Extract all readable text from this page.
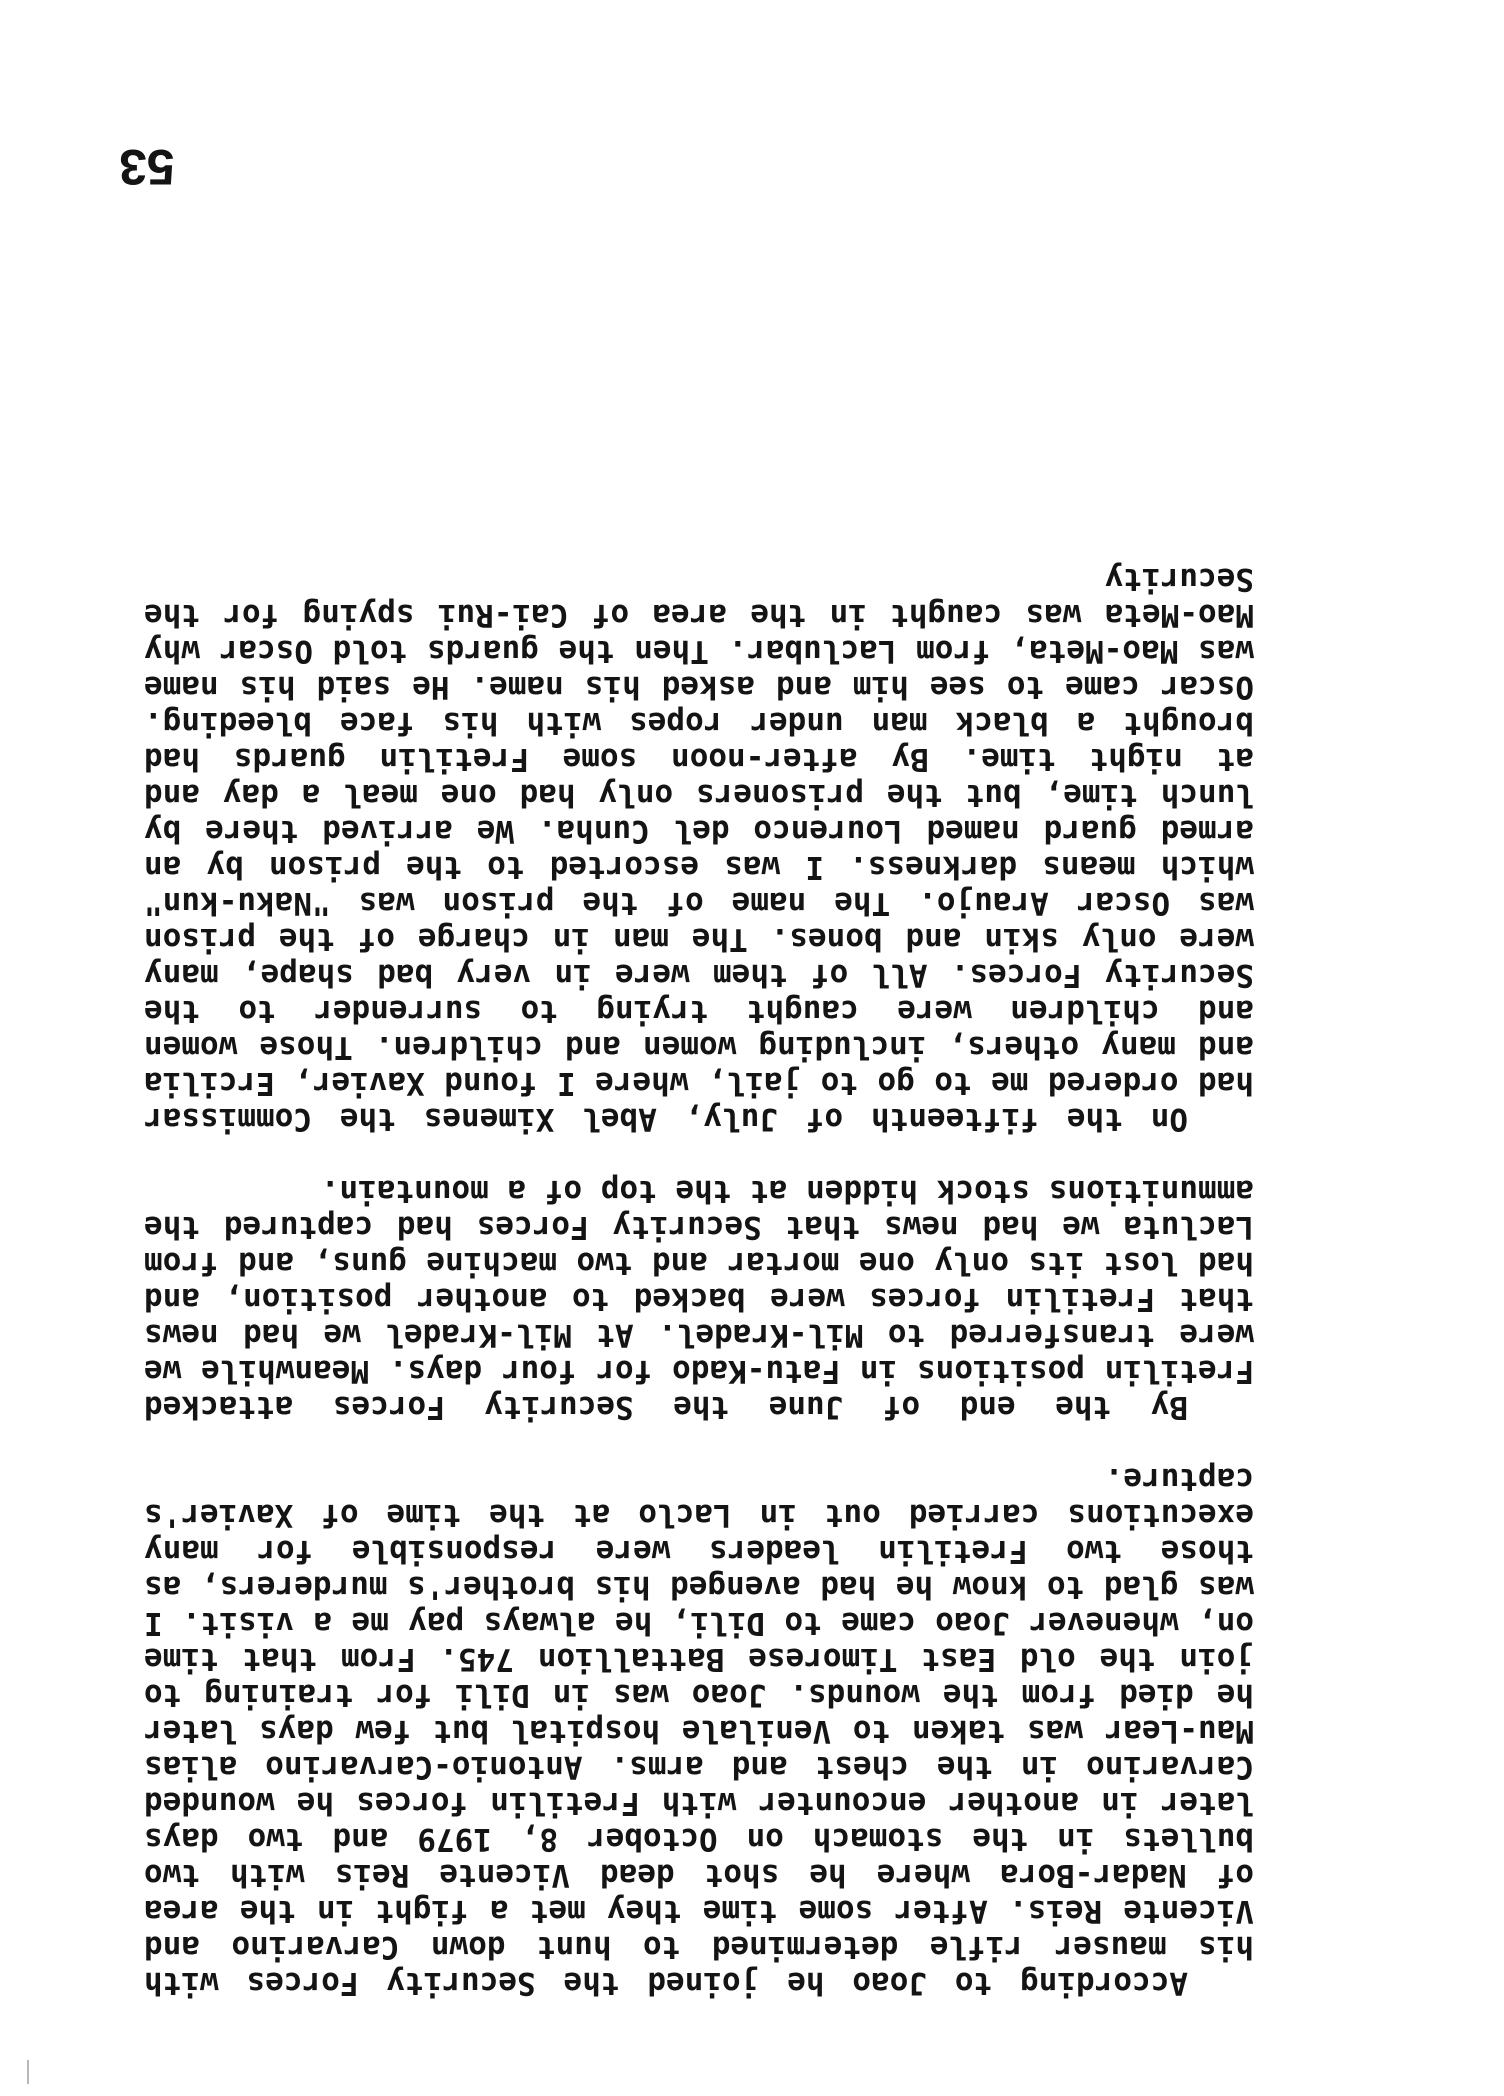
According to Joao he joined the Security Forces with his mauser rifle determined to hunt down Carvarino and Vicente Reis. After some time they met a fight in the area of Nadar-Bora where he shot dead Vicente Reis with two bullets in the stomach on October 8, 1979 and two days later in another encounter with Fretilin forces he wounded Carvarino in the chest and arms. Antonio-Carvarino alias Mau-Lear was taken to Venilale hospital but few days later he died from the wounds. Joao was in Dili for training to join the old East Timorese Battallion 745. From that time on, whenever Joao came to Dili, he always pay me a visit. I was glad to know he had avenged his brother's murderers, as those two Fretilin leaders were responsible for many executions carried out in Laclo at the time of Xavier's capture.

By the end of June the Security Forces attacked Fretilin positions in Fatu-Kado for four days. Meanwhile we were transferred to Mil-Kradel. At Mil-Kradel we had news that Fretilin forces were backed to another position, and had lost its only one mortar and two machine guns, and from Lacluta we had news that Security Forces had captured the ammunitions stock hidden at the top of a mountain.

On the fifteenth of July, Abel Ximenes the Commissar had ordered me to go to jail, where I found Xavier, Ercilia and many others, including women and children. Those women and children were caught trying to surrender to the Security Forces. All of them were in very bad shape, many were only skin and bones. The man in charge of the prison was Oscar Araujo. The name of the prison was "Naku-kun" which means darkness. I was escorted to the prison by an armed guard named Lourenco del Cunha. We arrived there by lunch time, but the prisoners only had one meal a day and at night time. By after-noon some Fretilin guards had brought a black man under ropes with his face bleeding. Oscar came to see him and asked his name. He said his name was Mao-Meta, from Laclubar. Then the guards told Oscar why Mao-Meta was caught in the area of Cai-Rui spying for the Security

53
